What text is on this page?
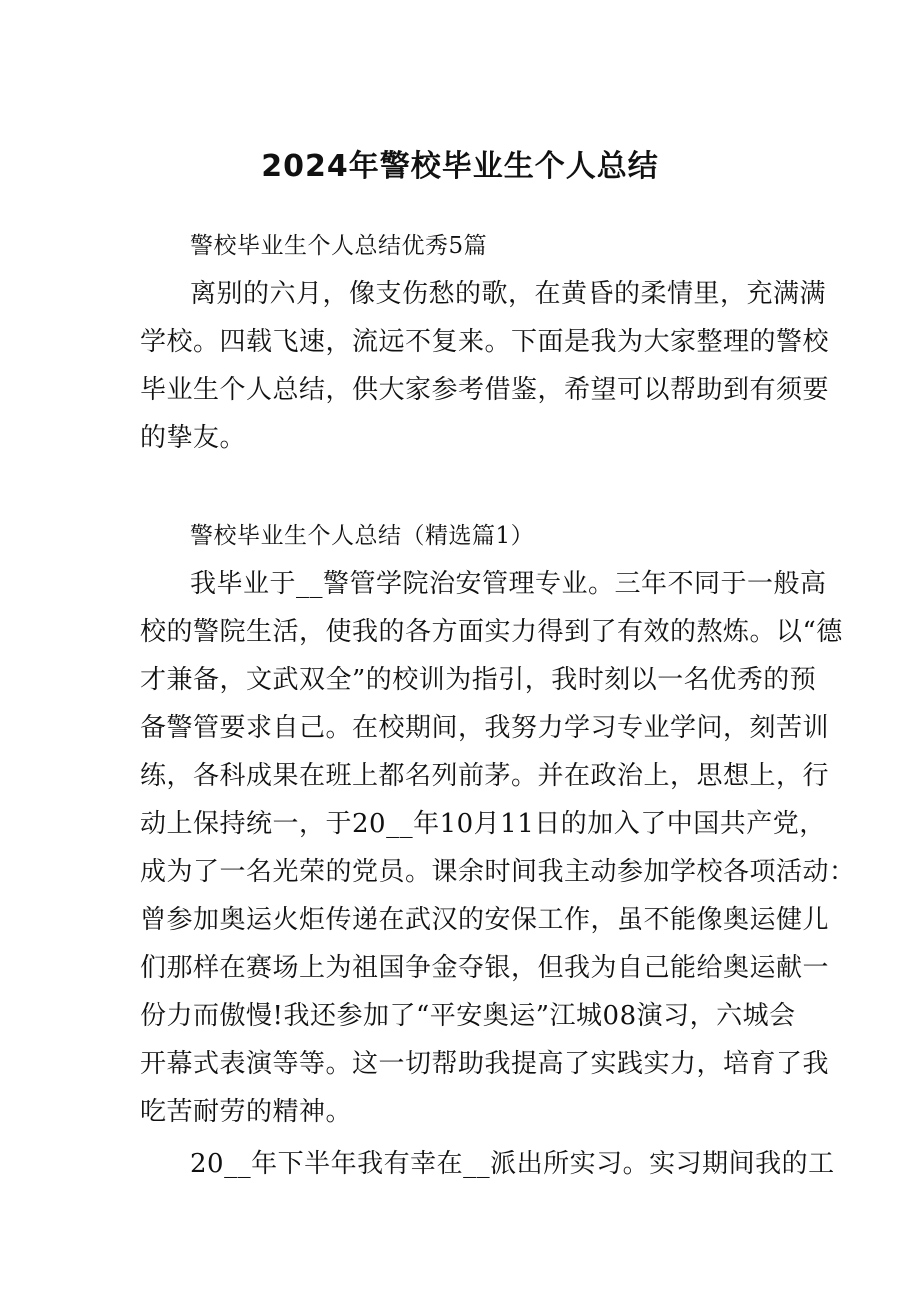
2024年警校毕业生个人总结
警校毕业生个人总结优秀5篇
离别的六月，像支伤愁的歌，在黄昏的柔情里，充满满
学校。四载飞速，流远不复来。下面是我为大家整理的警校
毕业生个人总结，供大家参考借鉴，希望可以帮助到有须要
的挚友。
警校毕业生个人总结（精选篇1）
我毕业于__警管学院治安管理专业。三年不同于一般高
校的警院生活，使我的各方面实力得到了有效的熬炼。以“德
才兼备，文武双全”的校训为指引，我时刻以一名优秀的预
备警管要求自己。在校期间，我努力学习专业学问，刻苦训
练，各科成果在班上都名列前茅。并在政治上，思想上，行
动上保持统一，于20__年10月11日的加入了中国共产党，
成为了一名光荣的党员。课余时间我主动参加学校各项活动：
曾参加奥运火炬传递在武汉的安保工作，虽不能像奥运健儿
们那样在赛场上为祖国争金夺银，但我为自己能给奥运献一
份力而傲慢!我还参加了“平安奥运”江城08演习，六城会
开幕式表演等等。这一切帮助我提高了实践实力，培育了我
吃苦耐劳的精神。
20__年下半年我有幸在__派出所实习。实习期间我的工
